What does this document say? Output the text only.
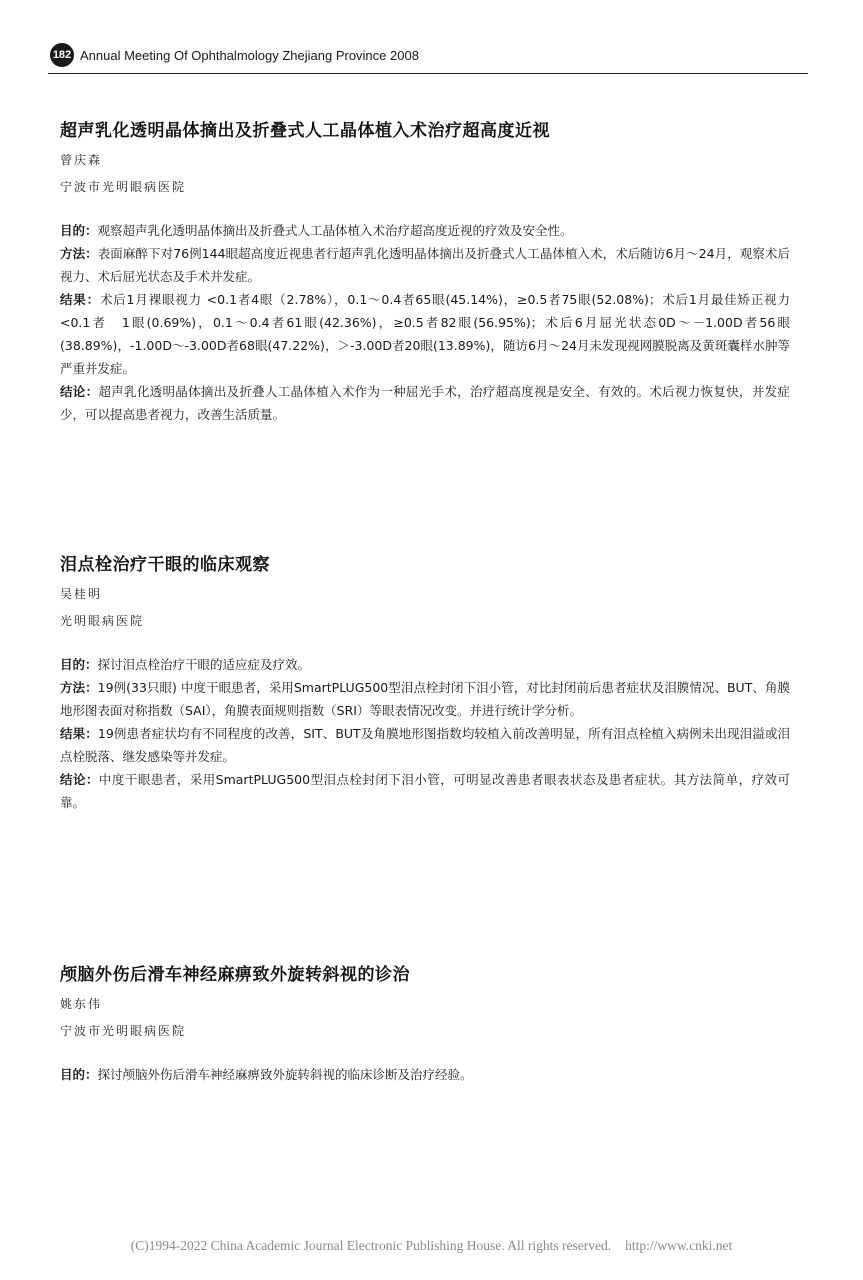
182 Annual Meeting Of Ophthalmology Zhejiang Province 2008
超声乳化透明晶体摘出及折叠式人工晶体植入术治疗超高度近视
曾庆森
宁波市光明眼病医院

目的：观察超声乳化透明晶体摘出及折叠式人工晶体植入术治疗超高度近视的疗效及安全性。

方法：表面麻醉下对76例144眼超高度近视患者行超声乳化透明晶体摘出及折叠式人工晶体植入术，术后随访6月～24月，观察术后视力、术后屈光状态及手术并发症。

结果：术后1月裸眼视力 <0.1者4眼（2.78%），0.1～0.4者65眼(45.14%)，≥0.5者75眼(52.08%)；术后1月最佳矫正视力 <0.1者　1眼(0.69%)，0.1～0.4者61眼(42.36%)，≥0.5者82眼(56.95%)；术后6月屈光状态0D～－1.00D者56眼(38.89%)，-1.00D～-3.00D者68眼(47.22%)，＞-3.00D者20眼(13.89%)，随访6月～24月未发现视网膜脱离及黄斑囊样水肿等严重并发症。

结论：超声乳化透明晶体摘出及折叠人工晶体植入术作为一种屈光手术，治疗超高度视是安全、有效的。术后视力恢复快，并发症少，可以提高患者视力，改善生活质量。

泪点栓治疗干眼的临床观察
吴桂明
光明眼病医院

目的：探讨泪点栓治疗干眼的适应症及疗效。

方法：19例(33只眼) 中度干眼患者，采用SmartPLUG500型泪点栓封闭下泪小管，对比封闭前后患者症状及泪膜情况、BUT、角膜地形图表面对称指数（SAI），角膜表面规则指数（SRI）等眼表情况改变。并进行统计学分析。

结果：19例患者症状均有不同程度的改善，SIT、BUT及角膜地形图指数均较植入前改善明显，所有泪点栓植入病例未出现泪溢或泪点栓脱落、继发感染等并发症。

结论：中度干眼患者，采用SmartPLUG500型泪点栓封闭下泪小管，可明显改善患者眼表状态及患者症状。其方法简单，疗效可靠。

颅脑外伤后滑车神经麻痹致外旋转斜视的诊治
姚东伟
宁波市光明眼病医院

目的：探讨颅脑外伤后滑车神经麻痹致外旋转斜视的临床诊断及治疗经验。

(C)1994-2022 China Academic Journal Electronic Publishing House. All rights reserved. http://www.cnki.net
